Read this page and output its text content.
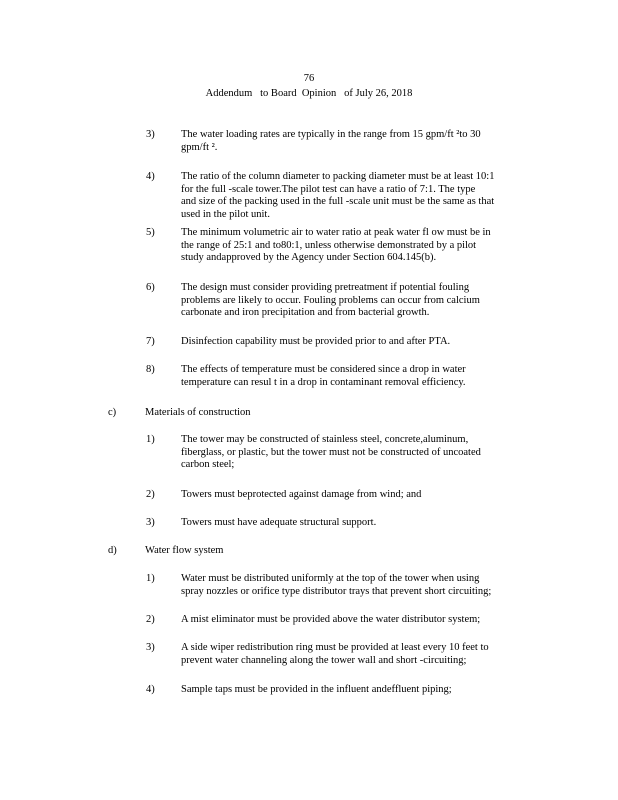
76
Addendum   to Board  Opinion   of July 26, 2018
3)	The water loading rates are typically in the range from 15 gpm/ft ²to 30
gpm/ft ².
4)	The ratio of the column diameter to packing diameter must be at least 10:1
for the full -scale tower.The pilot test can have a ratio of 7:1. The type
and size of the packing used in the full -scale unit must be the same as that
used in the pilot unit.
5)	The minimum volumetric air to water ratio at peak water fl ow must be in
the range of 25:1 and to80:1, unless otherwise demonstrated by a pilot
study andapproved by the Agency under Section 604.145(b).
6)	The design must consider providing pretreatment if potential fouling
problems are likely to occur. Fouling problems can occur from calcium
carbonate and iron precipitation and from bacterial growth.
7)	Disinfection capability must be provided prior to and after PTA.
8)	The effects of temperature must be considered since a drop in water
temperature can resul t in a drop in contaminant removal efficiency.
c)	Materials of construction
1)	The tower may be constructed of stainless steel, concrete,aluminum,
fiberglass, or plastic, but the tower must not be constructed of uncoated
carbon steel;
2)	Towers must beprotected against damage from wind; and
3)	Towers must have adequate structural support.
d)	Water flow system
1)	Water must be distributed uniformly at the top of the tower when using
spray nozzles or orifice type distributor trays that prevent short circuiting;
2)	A mist eliminator must be provided above the water distributor system;
3)	A side wiper redistribution ring must be provided at least every 10 feet to
prevent water channeling along the tower wall and short -circuiting;
4)	Sample taps must be provided in the influent andeffluent piping;
